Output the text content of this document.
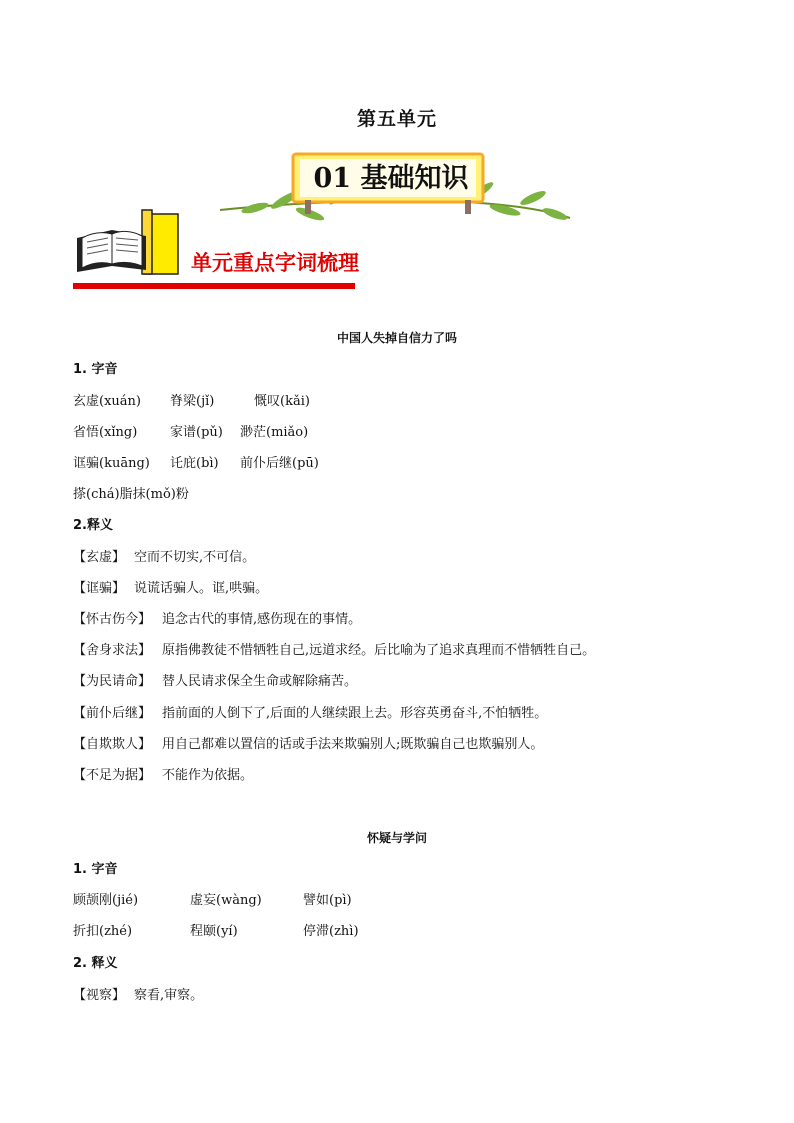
第五单元
01 基础知识
单元重点字词梳理
中国人失掉自信力了吗
1. 字音
玄虚(xuán) 脊梁(jǐ)	慨叹(kǎi)
省悟(xǐng)	家谱(pǔ) 渺茫(miǎo)
诓骗(kuāng) 讬庇(bì) 前仆后继(pū)
搽(chá)脂抹(mǒ)粉
2.释义
【玄虚】 空而不切实,不可信。
【诓骗】 说谎话骗人。诓,哄骗。
【怀古伤今】 追念古代的事情,感伤现在的事情。
【舍身求法】 原指佛教徒不惜牺牲自己,远道求经。后比喻为了追求真理而不惜牺牲自己。
【为民请命】 替人民请求保全生命或解除痛苦。
【前仆后继】 指前面的人倒下了,后面的人继续跟上去。形容英勇奋斗,不怕牺牲。
【自欺欺人】 用自己都难以置信的话或手法来欺骗别人;既欺骗自己也欺骗别人。
【不足为据】 不能作为依据。
怀疑与学问
1. 字音
顾颉刚(jié)	虚妄(wàng)	譬如(pì)
折扣(zhé)	程颐(yí)	停滞(zhì)
2. 释义
【视察】 察看,审察。
